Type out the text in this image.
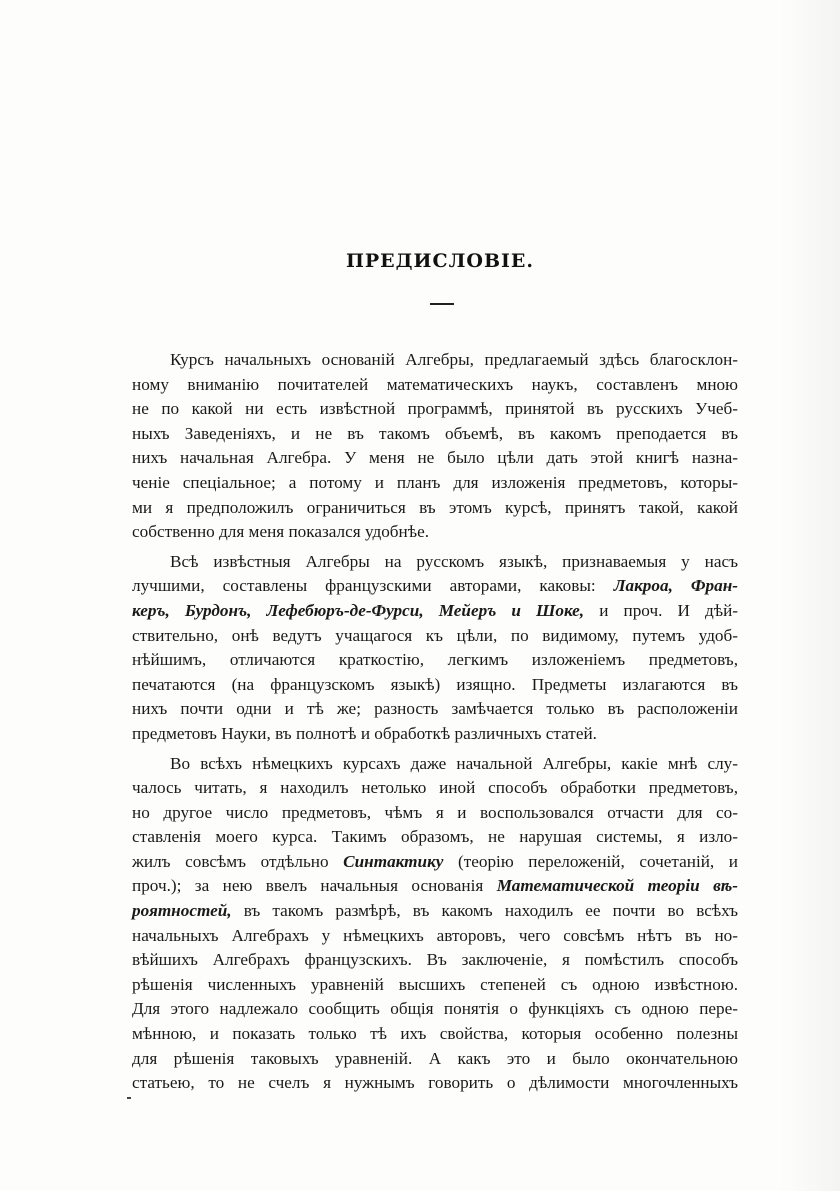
ПРЕДИСЛОВІЕ.
Курсъ начальныхъ основаній Алгебры, предлагаемый здѣсь благосклон-
ному вниманію почитателей математическихъ наукъ, составленъ мною
не по какой ни есть извѣстной программѣ, принятой въ русскихъ Учеб-
ныхъ Заведеніяхъ, и не въ такомъ объемѣ, въ какомъ преподается въ
нихъ начальная Алгебра. У меня не было цѣли дать этой книгѣ назна-
ченіе спеціальное; а потому и планъ для изложенія предметовъ, которы-
ми я предположилъ ограничиться въ этомъ курсѣ, принятъ такой, какой
собственно для меня показался удобнѣе.
Всѣ извѣстныя Алгебры на русскомъ языкѣ, признаваемыя у насъ
лучшими, составлены французскими авторами, каковы: Лакроа, Фран-
керъ, Бурдонъ, Лефебюръ-де-Фурси, Мейеръ и Шоке, и проч. И дѣй-
ствительно, онѣ ведутъ учащагося къ цѣли, по видимому, путемъ удоб-
нѣйшимъ, отличаются краткостію, легкимъ изложеніемъ предметовъ,
печатаются (на французскомъ языкѣ) изящно. Предметы излагаются въ
нихъ почти одни и тѣ же; разность замѣчается только въ расположеніи
предметовъ Науки, въ полнотѣ и обработкѣ различныхъ статей.
Во всѣхъ нѣмецкихъ курсахъ даже начальной Алгебры, какіе мнѣ слу-
чалось читать, я находилъ нетолько иной способъ обработки предметовъ,
но другое число предметовъ, чѣмъ я и воспользовался отчасти для со-
ставленія моего курса. Такимъ образомъ, не нарушая системы, я изло-
жилъ совсѣмъ отдѣльно Синтактику (теорію переложеній, сочетаній, и
проч.); за нею ввелъ начальныя основанія Математической теоріи вѣ-
роятностей, въ такомъ размѣрѣ, въ какомъ находилъ ее почти во всѣхъ
начальныхъ Алгебрахъ у нѣмецкихъ авторовъ, чего совсѣмъ нѣтъ въ но-
вѣйшихъ Алгебрахъ французскихъ. Въ заключеніе, я помѣстилъ способъ
рѣшенія численныхъ уравненій высшихъ степеней съ одною извѣстною.
Для этого надлежало сообщить общія понятія о функціяхъ съ одною пере-
мѣнною, и показать только тѣ ихъ свойства, которыя особенно полезны
для рѣшенія таковыхъ уравненій. А какъ это и было окончательною
статьею, то не счелъ я нужнымъ говорить о дѣлимости многочленныхъ
